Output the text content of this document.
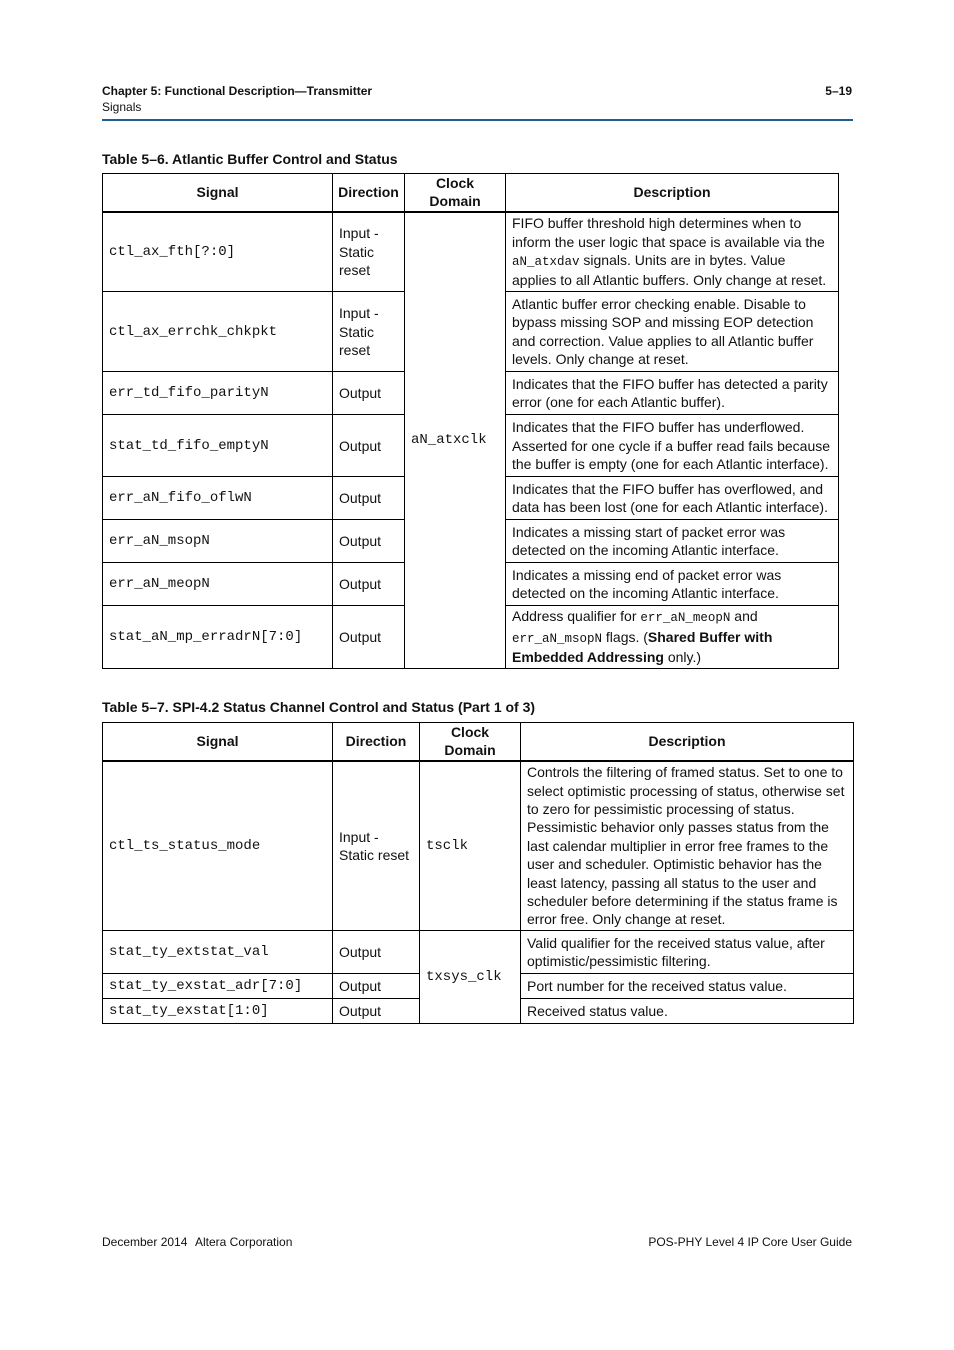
Chapter 5: Functional Description—Transmitter
Signals
5–19
Table 5–6. Atlantic Buffer Control and Status
Signal	Direction	Clock Domain	Description
ctl_ax_fth[?:0]	Input - Static reset	aN_atxclk	FIFO buffer threshold high determines when to inform the user logic that space is available via the aN_atxdav signals. Units are in bytes. Value applies to all Atlantic buffers. Only change at reset.
ctl_ax_errchk_chkpkt	Input - Static reset		Atlantic buffer error checking enable. Disable to bypass missing SOP and missing EOP detection and correction. Value applies to all Atlantic buffer levels. Only change at reset.
err_td_fifo_parityN	Output		Indicates that the FIFO buffer has detected a parity error (one for each Atlantic buffer).
stat_td_fifo_emptyN	Output		Indicates that the FIFO buffer has underflowed. Asserted for one cycle if a buffer read fails because the buffer is empty (one for each Atlantic interface).
err_aN_fifo_oflwN	Output		Indicates that the FIFO buffer has overflowed, and data has been lost (one for each Atlantic interface).
err_aN_msopN	Output		Indicates a missing start of packet error was detected on the incoming Atlantic interface.
err_aN_meopN	Output		Indicates a missing end of packet error was detected on the incoming Atlantic interface.
stat_aN_mp_erradrN[7:0]	Output		Address qualifier for err_aN_meopN and err_aN_msopN flags. (Shared Buffer with Embedded Addressing only.)
Table 5–7. SPI-4.2 Status Channel Control and Status (Part 1 of 3)
Signal	Direction	Clock Domain	Description
ctl_ts_status_mode	Input - Static reset	tsclk	Controls the filtering of framed status. Set to one to select optimistic processing of status, otherwise set to zero for pessimistic processing of status. Pessimistic behavior only passes status from the last calendar multiplier in error free frames to the user and scheduler. Optimistic behavior has the least latency, passing all status to the user and scheduler before determining if the status frame is error free. Only change at reset.
stat_ty_extstat_val	Output	txsys_clk	Valid qualifier for the received status value, after optimistic/pessimistic filtering.
stat_ty_exstat_adr[7:0]	Output		Port number for the received status value.
stat_ty_exstat[1:0]	Output		Received status value.
December 2014 Altera Corporation	POS-PHY Level 4 IP Core User Guide
